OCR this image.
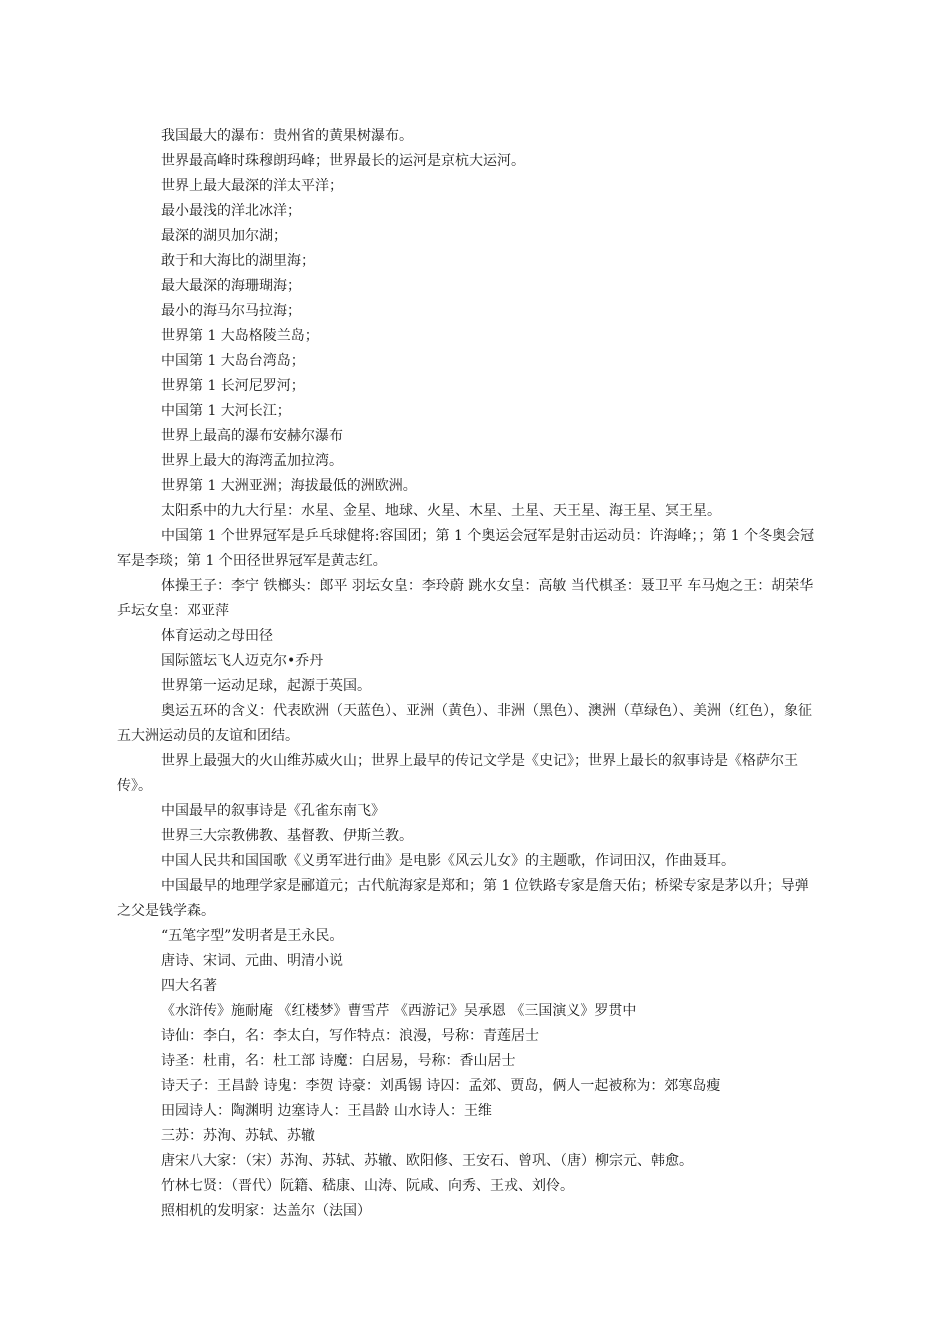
我国最大的瀑布：贵州省的黄果树瀑布。

世界最高峰时珠穆朗玛峰；世界最长的运河是京杭大运河。

世界上最大最深的洋太平洋；

最小最浅的洋北冰洋；

最深的湖贝加尔湖；

敢于和大海比的湖里海；

最大最深的海珊瑚海；

最小的海马尔马拉海；

世界第 1 大岛格陵兰岛；

中国第 1 大岛台湾岛；

世界第 1 长河尼罗河；

中国第 1 大河长江；

世界上最高的瀑布安赫尔瀑布

世界上最大的海湾孟加拉湾。

世界第 1 大洲亚洲；海拔最低的洲欧洲。

太阳系中的九大行星：水星、金星、地球、火星、木星、土星、天王星、海王星、冥王星。

中国第 1 个世界冠军是乒乓球健将:容国团；第 1 个奥运会冠军是射击运动员：许海峰；；第 1 个冬奥会冠军是李琰；第 1 个田径世界冠军是黄志红。

体操王子：李宁 铁榔头：郎平 羽坛女皇：李玲蔚 跳水女皇：高敏 当代棋圣：聂卫平 车马炮之王：胡荣华 乒坛女皇：邓亚萍

体育运动之母田径

国际篮坛飞人迈克尔•乔丹

世界第一运动足球，起源于英国。

奥运五环的含义：代表欧洲（天蓝色）、亚洲（黄色）、非洲（黑色）、澳洲（草绿色）、美洲（红色），象征五大洲运动员的友谊和团结。

世界上最强大的火山维苏威火山；世界上最早的传记文学是《史记》；世界上最长的叙事诗是《格萨尔王传》。

中国最早的叙事诗是《孔雀东南飞》

世界三大宗教佛教、基督教、伊斯兰教。

中国人民共和国国歌《义勇军进行曲》是电影《风云儿女》的主题歌，作词田汉，作曲聂耳。

中国最早的地理学家是郦道元；古代航海家是郑和；第 1 位铁路专家是詹天佑；桥梁专家是茅以升；导弹之父是钱学森。

“五笔字型”发明者是王永民。

唐诗、宋词、元曲、明清小说

四大名著

《水浒传》施耐庵 《红楼梦》曹雪芹 《西游记》吴承恩 《三国演义》罗贯中

诗仙：李白，名：李太白，写作特点：浪漫，号称：青莲居士

诗圣：杜甫，名：杜工部 诗魔：白居易，号称：香山居士

诗天子：王昌龄 诗鬼：李贺 诗豪：刘禹锡 诗囚：孟郊、贾岛，俩人一起被称为：郊寒岛瘦

田园诗人：陶渊明 边塞诗人：王昌龄 山水诗人：王维

三苏：苏洵、苏轼、苏辙

唐宋八大家：（宋）苏洵、苏轼、苏辙、欧阳修、王安石、曾巩、（唐）柳宗元、韩愈。

竹林七贤：（晋代）阮籍、嵇康、山涛、阮咸、向秀、王戎、刘伶。

照相机的发明家：达盖尔（法国）
